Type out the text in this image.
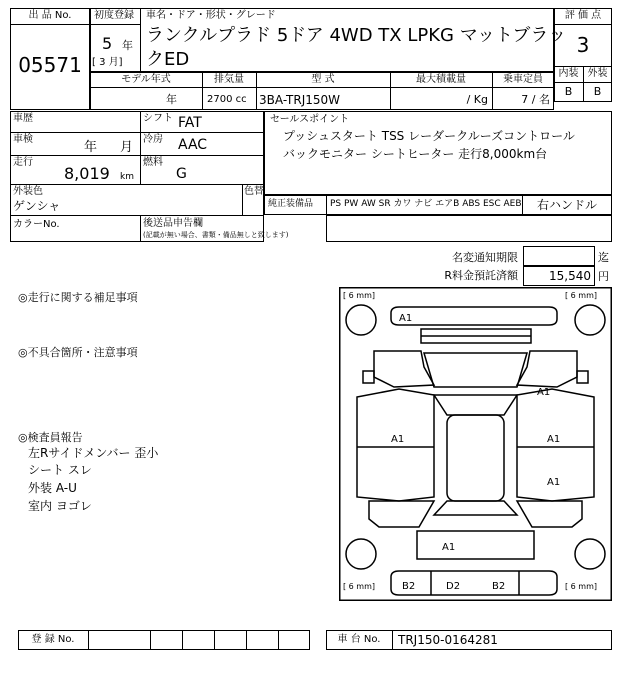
出 品 No.
05571
初度登録
5 年
[ 3 月]
車名・ドア・形状・グレード
ランクルプラド 5ドア 4WD TX LPKG マットブラッ
クED
評 価 点
3
内装 外装
B	B
モデル年式
年
排気量
2700 cc
型 式
3BA-TRJ150W
最大積載量
/ Kg
乗車定員
7 / 名
車歴	シフト FAT
車検
年 月
冷房 AAC
走行
8,019 km
燃料
G
外装色
ゲンシャ
色替
カラーNo.	後送品申告欄
(記載が無い場合、書類・備品無しと致します)
セールスポイント
プッシュスタート TSS レーダークルーズコントロール
バックモニター シートヒーター 走行8,000km台
純正装備品 PS PW AW SR カワ ナビ エアB ABS ESC AEB	右ハンドル
名変通知期限	迄
R料金預託済額	15,540 円
◎走行に関する補足事項
◎不具合箇所・注意事項
◎検査員報告
左Rサイドメンバー 歪小
シート スレ
外装 A-U
室内 ヨゴレ
[ 6 mm]	[ 6 mm]
[ 6 mm]	[ 6 mm]
A1
A1
A1	A1
A1
A1
B2	D2	B2
登 録 No.	車 台 No.	TRJ150-0164281
